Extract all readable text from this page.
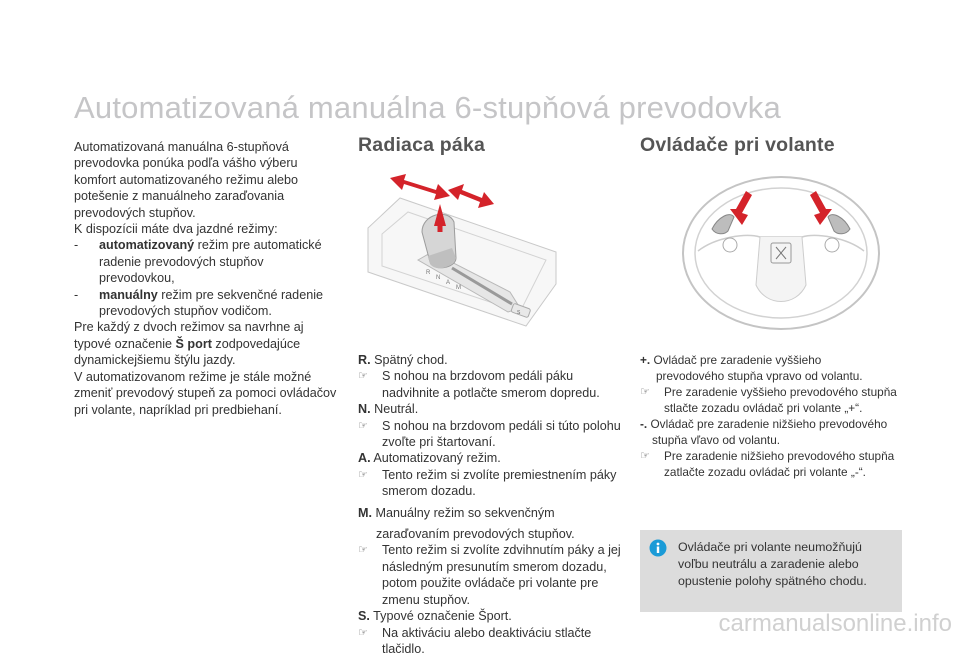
Automatizovaná manuálna 6-stupňová prevodovka

Automatizovaná manuálna 6-stupňová prevodovka ponúka podľa vášho výberu komfort automatizovaného režimu alebo potešenie z manuálneho zaraďovania prevodových stupňov.

K dispozícii máte dva jazdné režimy:

-	automatizovaný režim pre automatické radenie prevodových stupňov prevodovkou,
-	manuálny režim pre sekvenčné radenie prevodových stupňov vodičom.

Pre každý z dvoch režimov sa navrhne aj typové označenie Š port zodpovedajúce dynamickejšiemu štýlu jazdy.

V automatizovanom režime je stále možné zmeniť prevodový stupeň za pomoci ovládačov pri volante, napríklad pri predbiehaní.

Radiaca páka
R
N
A
M
S

R. Spätný chod.

☞	S nohou na brzdovom pedáli páku nadvihnite a potlačte smerom dopredu.

N. Neutrál.

☞	S nohou na brzdovom pedáli si túto polohu zvoľte pri štartovaní.

A. Automatizovaný režim.

☞	Tento režim si zvolíte premiestnením páky smerom dozadu.

M. Manuálny režim so sekvenčným

zaraďovaním prevodových stupňov.

☞	Tento režim si zvolíte zdvihnutím páky a jej následným presunutím smerom dozadu, potom použite ovládače pri volante pre zmenu stupňov.

S. Typové označenie Šport.

☞	Na aktiváciu alebo deaktiváciu stlačte tlačidlo.

Ovládače pri volante

+. Ovládač pre zaradenie vyššieho

prevodového stupňa vpravo od volantu.

☞	Pre zaradenie vyššieho prevodového stupňa stlačte zozadu ovládač pri volante „+“.

-. Ovládač pre zaradenie nižšieho prevodového

stupňa vľavo od volantu.

☞	Pre zaradenie nižšieho prevodového stupňa zatlačte zozadu ovládač pri volante „-“.

Ovládače pri volante neumožňujú voľbu neutrálu a zaradenie alebo opustenie polohy spätného chodu.
carmanualsonline.info
